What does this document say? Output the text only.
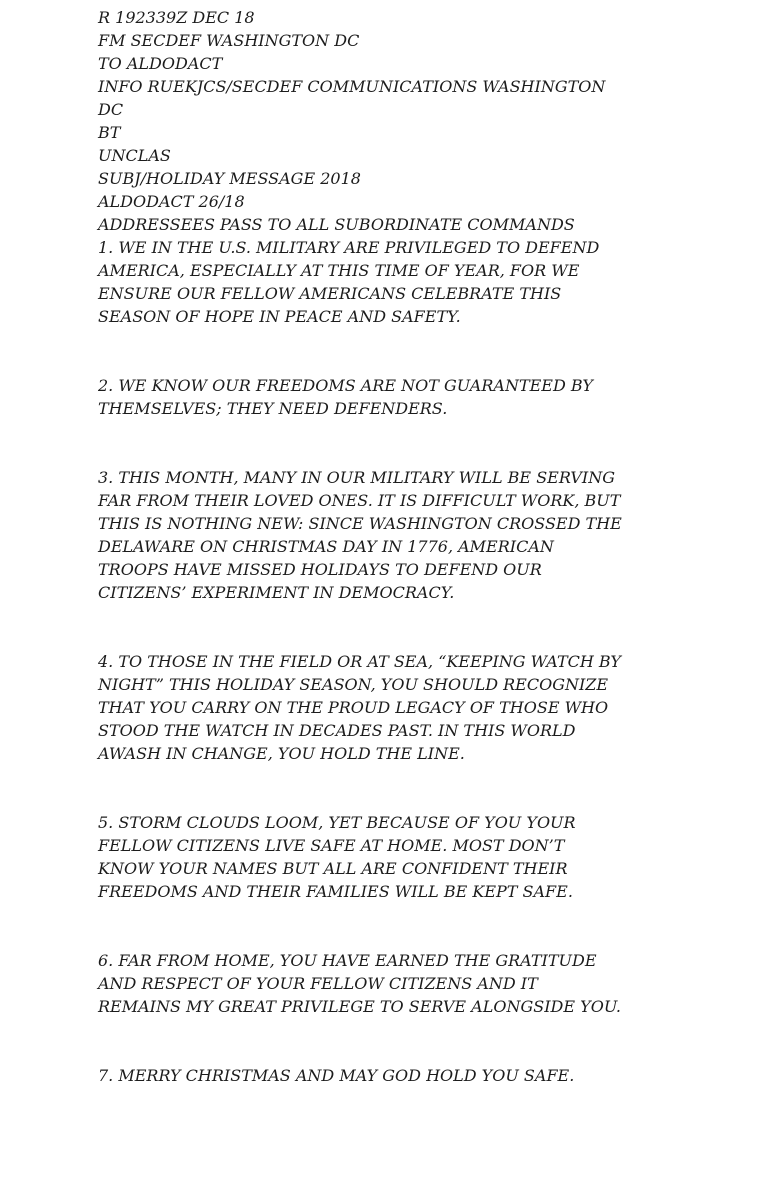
R 192339Z DEC 18
FM SECDEF WASHINGTON DC
TO ALDODACT
INFO RUEKJCS/SECDEF COMMUNICATIONS WASHINGTON
DC
BT

UNCLAS
SUBJ/HOLIDAY MESSAGE 2018
ALDODACT 26/18
ADDRESSEES PASS TO ALL SUBORDINATE COMMANDS

1. WE IN THE U.S. MILITARY ARE PRIVILEGED TO DEFEND
AMERICA, ESPECIALLY AT THIS TIME OF YEAR, FOR WE
ENSURE OUR FELLOW AMERICANS CELEBRATE THIS
SEASON OF HOPE IN PEACE AND SAFETY.

2. WE KNOW OUR FREEDOMS ARE NOT GUARANTEED BY
THEMSELVES; THEY NEED DEFENDERS.

3. THIS MONTH, MANY IN OUR MILITARY WILL BE SERVING
FAR FROM THEIR LOVED ONES. IT IS DIFFICULT WORK, BUT
THIS IS NOTHING NEW: SINCE WASHINGTON CROSSED THE
DELAWARE ON CHRISTMAS DAY IN 1776, AMERICAN
TROOPS HAVE MISSED HOLIDAYS TO DEFEND OUR
CITIZENS’ EXPERIMENT IN DEMOCRACY.

4. TO THOSE IN THE FIELD OR AT SEA, “KEEPING WATCH BY
NIGHT” THIS HOLIDAY SEASON, YOU SHOULD RECOGNIZE
THAT YOU CARRY ON THE PROUD LEGACY OF THOSE WHO
STOOD THE WATCH IN DECADES PAST. IN THIS WORLD
AWASH IN CHANGE, YOU HOLD THE LINE.

5. STORM CLOUDS LOOM, YET BECAUSE OF YOU YOUR
FELLOW CITIZENS LIVE SAFE AT HOME. MOST DON’T
KNOW YOUR NAMES BUT ALL ARE CONFIDENT THEIR
FREEDOMS AND THEIR FAMILIES WILL BE KEPT SAFE.

6. FAR FROM HOME, YOU HAVE EARNED THE GRATITUDE
AND RESPECT OF YOUR FELLOW CITIZENS AND IT
REMAINS MY GREAT PRIVILEGE TO SERVE ALONGSIDE YOU.

7. MERRY CHRISTMAS AND MAY GOD HOLD YOU SAFE.
